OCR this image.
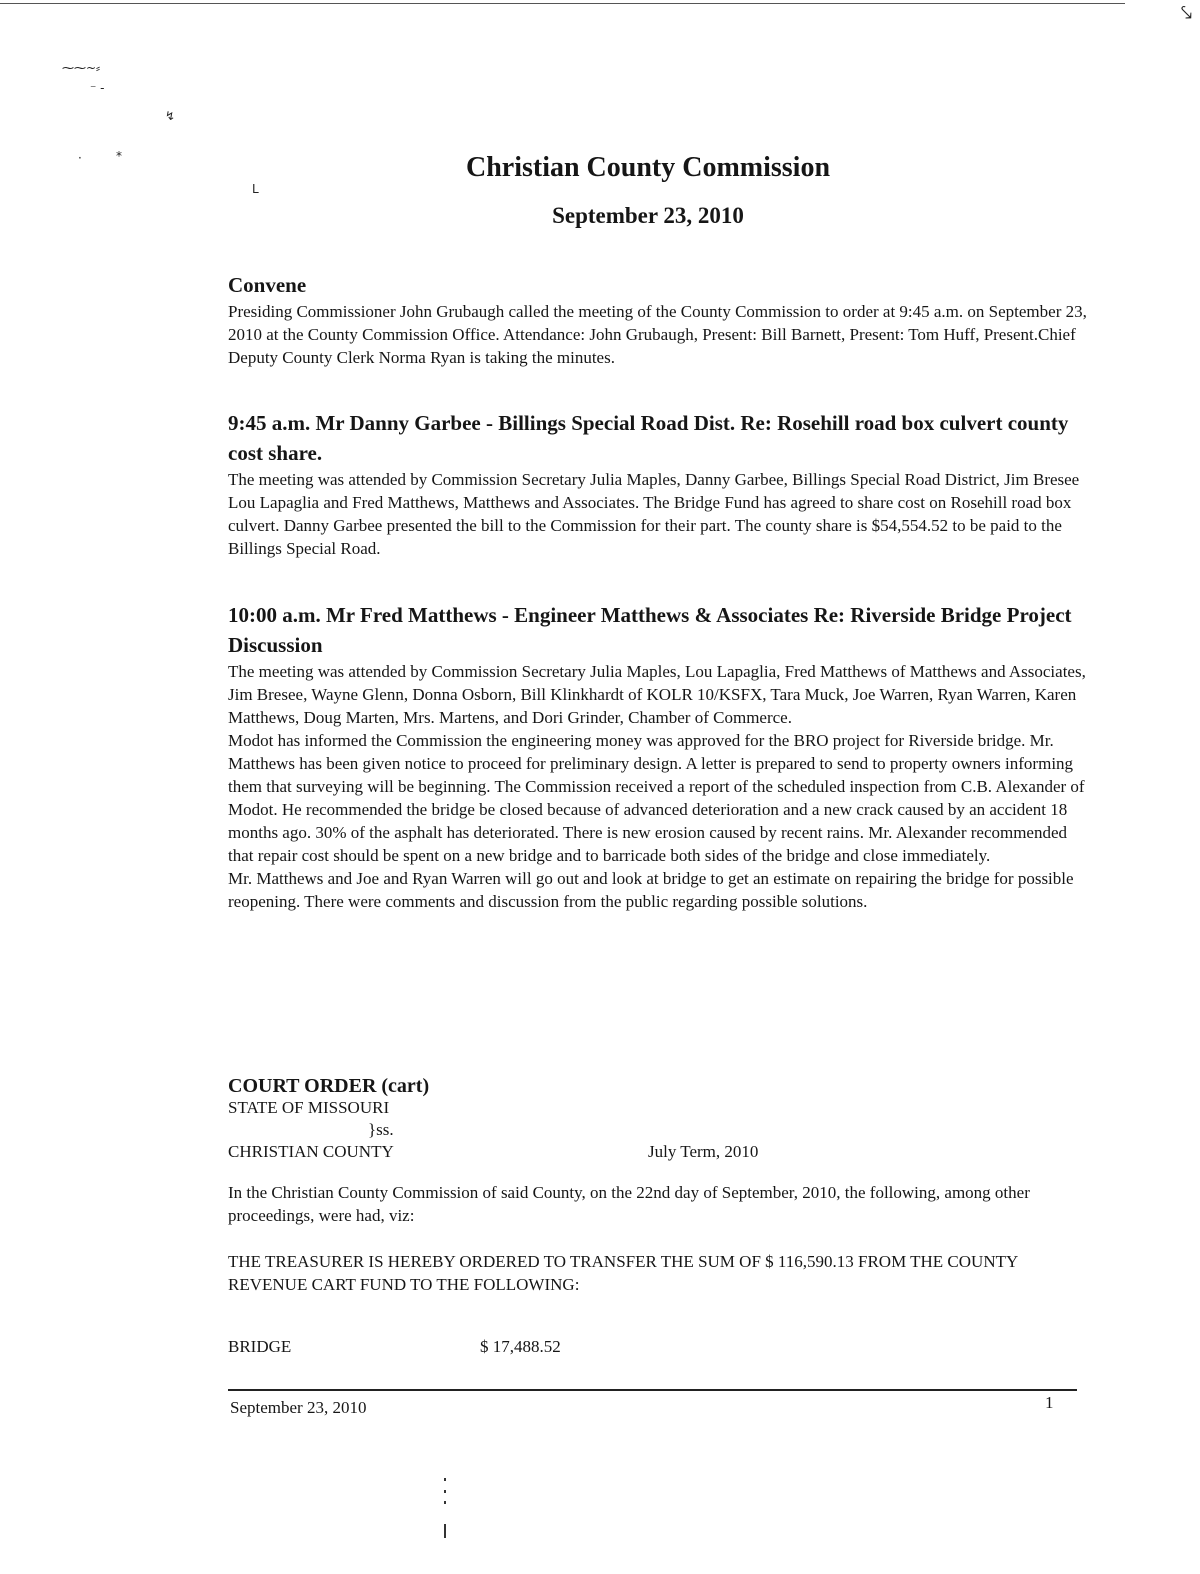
⤥
⁓⁓~⸗
⁻ -
↯
·	*
ᒪ
Christian County Commission
September 23, 2010
Convene

Presiding Commissioner John Grubaugh called the meeting of the County Commission to order at 9:45 a.m. on September 23, 2010 at the County Commission Office. Attendance: John Grubaugh, Present: Bill Barnett, Present: Tom Huff, Present.Chief Deputy County Clerk Norma Ryan is taking the minutes.

9:45 a.m. Mr Danny Garbee - Billings Special Road Dist. Re: Rosehill road box culvert county cost share.

The meeting was attended by Commission Secretary Julia Maples, Danny Garbee, Billings Special Road District, Jim Bresee Lou Lapaglia and Fred Matthews, Matthews and Associates. The Bridge Fund has agreed to share cost on Rosehill road box culvert. Danny Garbee presented the bill to the Commission for their part. The county share is $54,554.52 to be paid to the Billings Special Road.

10:00 a.m. Mr Fred Matthews - Engineer Matthews & Associates Re: Riverside Bridge Project Discussion

The meeting was attended by Commission Secretary Julia Maples, Lou Lapaglia, Fred Matthews of Matthews and Associates, Jim Bresee, Wayne Glenn, Donna Osborn, Bill Klinkhardt of KOLR 10/KSFX, Tara Muck, Joe Warren, Ryan Warren, Karen Matthews, Doug Marten, Mrs. Martens, and Dori Grinder, Chamber of Commerce.

Modot has informed the Commission the engineering money was approved for the BRO project for Riverside bridge. Mr. Matthews has been given notice to proceed for preliminary design. A letter is prepared to send to property owners informing them that surveying will be beginning. The Commission received a report of the scheduled inspection from C.B. Alexander of Modot. He recommended the bridge be closed because of advanced deterioration and a new crack caused by an accident 18 months ago. 30% of the asphalt has deteriorated. There is new erosion caused by recent rains. Mr. Alexander recommended that repair cost should be spent on a new bridge and to barricade both sides of the bridge and close immediately.

Mr. Matthews and Joe and Ryan Warren will go out and look at bridge to get an estimate on repairing the bridge for possible reopening. There were comments and discussion from the public regarding possible solutions.

COURT ORDER (cart)
STATE OF MISSOURI
}ss.
CHRISTIAN COUNTY	July Term, 2010

In the Christian County Commission of said County, on the 22nd day of September, 2010, the following, among other proceedings, were had, viz:

THE TREASURER IS HEREBY ORDERED TO TRANSFER THE SUM OF $ 116,590.13 FROM THE COUNTY REVENUE CART FUND TO THE FOLLOWING:

BRIDGE	$ 17,488.52
September 23, 2010	1
